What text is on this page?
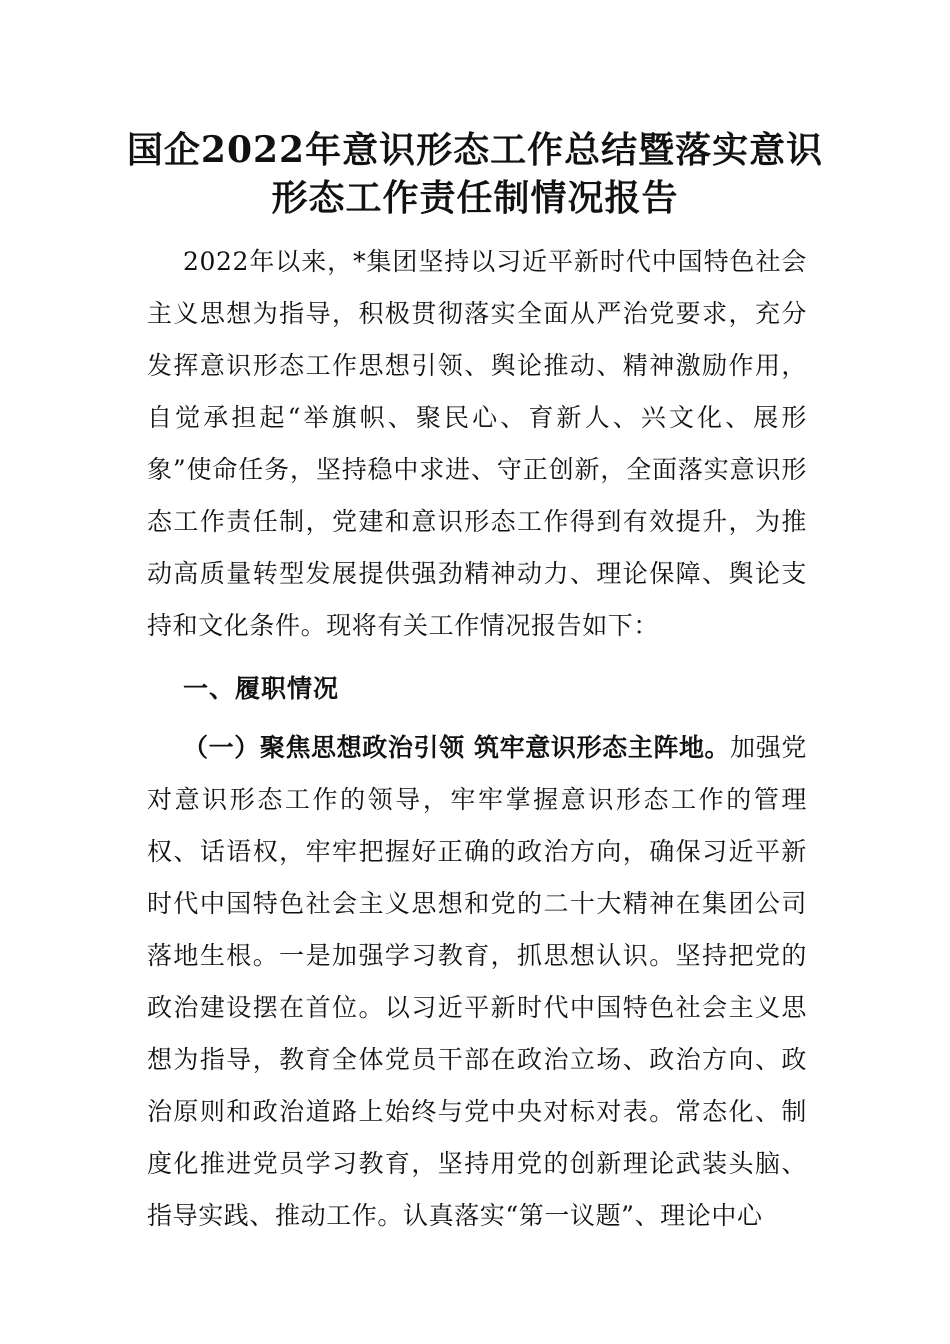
国企2022年意识形态工作总结暨落实意识
形态工作责任制情况报告
2022年以来，*集团坚持以习近平新时代中国特色社会主义思想为指导，积极贯彻落实全面从严治党要求，充分发挥意识形态工作思想引领、舆论推动、精神激励作用，自觉承担起“举旗帜、聚民心、育新人、兴文化、展形象”使命任务，坚持稳中求进、守正创新，全面落实意识形态工作责任制，党建和意识形态工作得到有效提升，为推动高质量转型发展提供强劲精神动力、理论保障、舆论支持和文化条件。现将有关工作情况报告如下：
一、履职情况
（一）聚焦思想政治引领 筑牢意识形态主阵地。加强党对意识形态工作的领导，牢牢掌握意识形态工作的管理权、话语权，牢牢把握好正确的政治方向，确保习近平新时代中国特色社会主义思想和党的二十大精神在集团公司落地生根。一是加强学习教育，抓思想认识。坚持把党的政治建设摆在首位。以习近平新时代中国特色社会主义思想为指导，教育全体党员干部在政治立场、政治方向、政治原则和政治道路上始终与党中央对标对表。常态化、制度化推进党员学习教育，坚持用党的创新理论武装头脑、指导实践、推动工作。认真落实“第一议题”、理论中心
